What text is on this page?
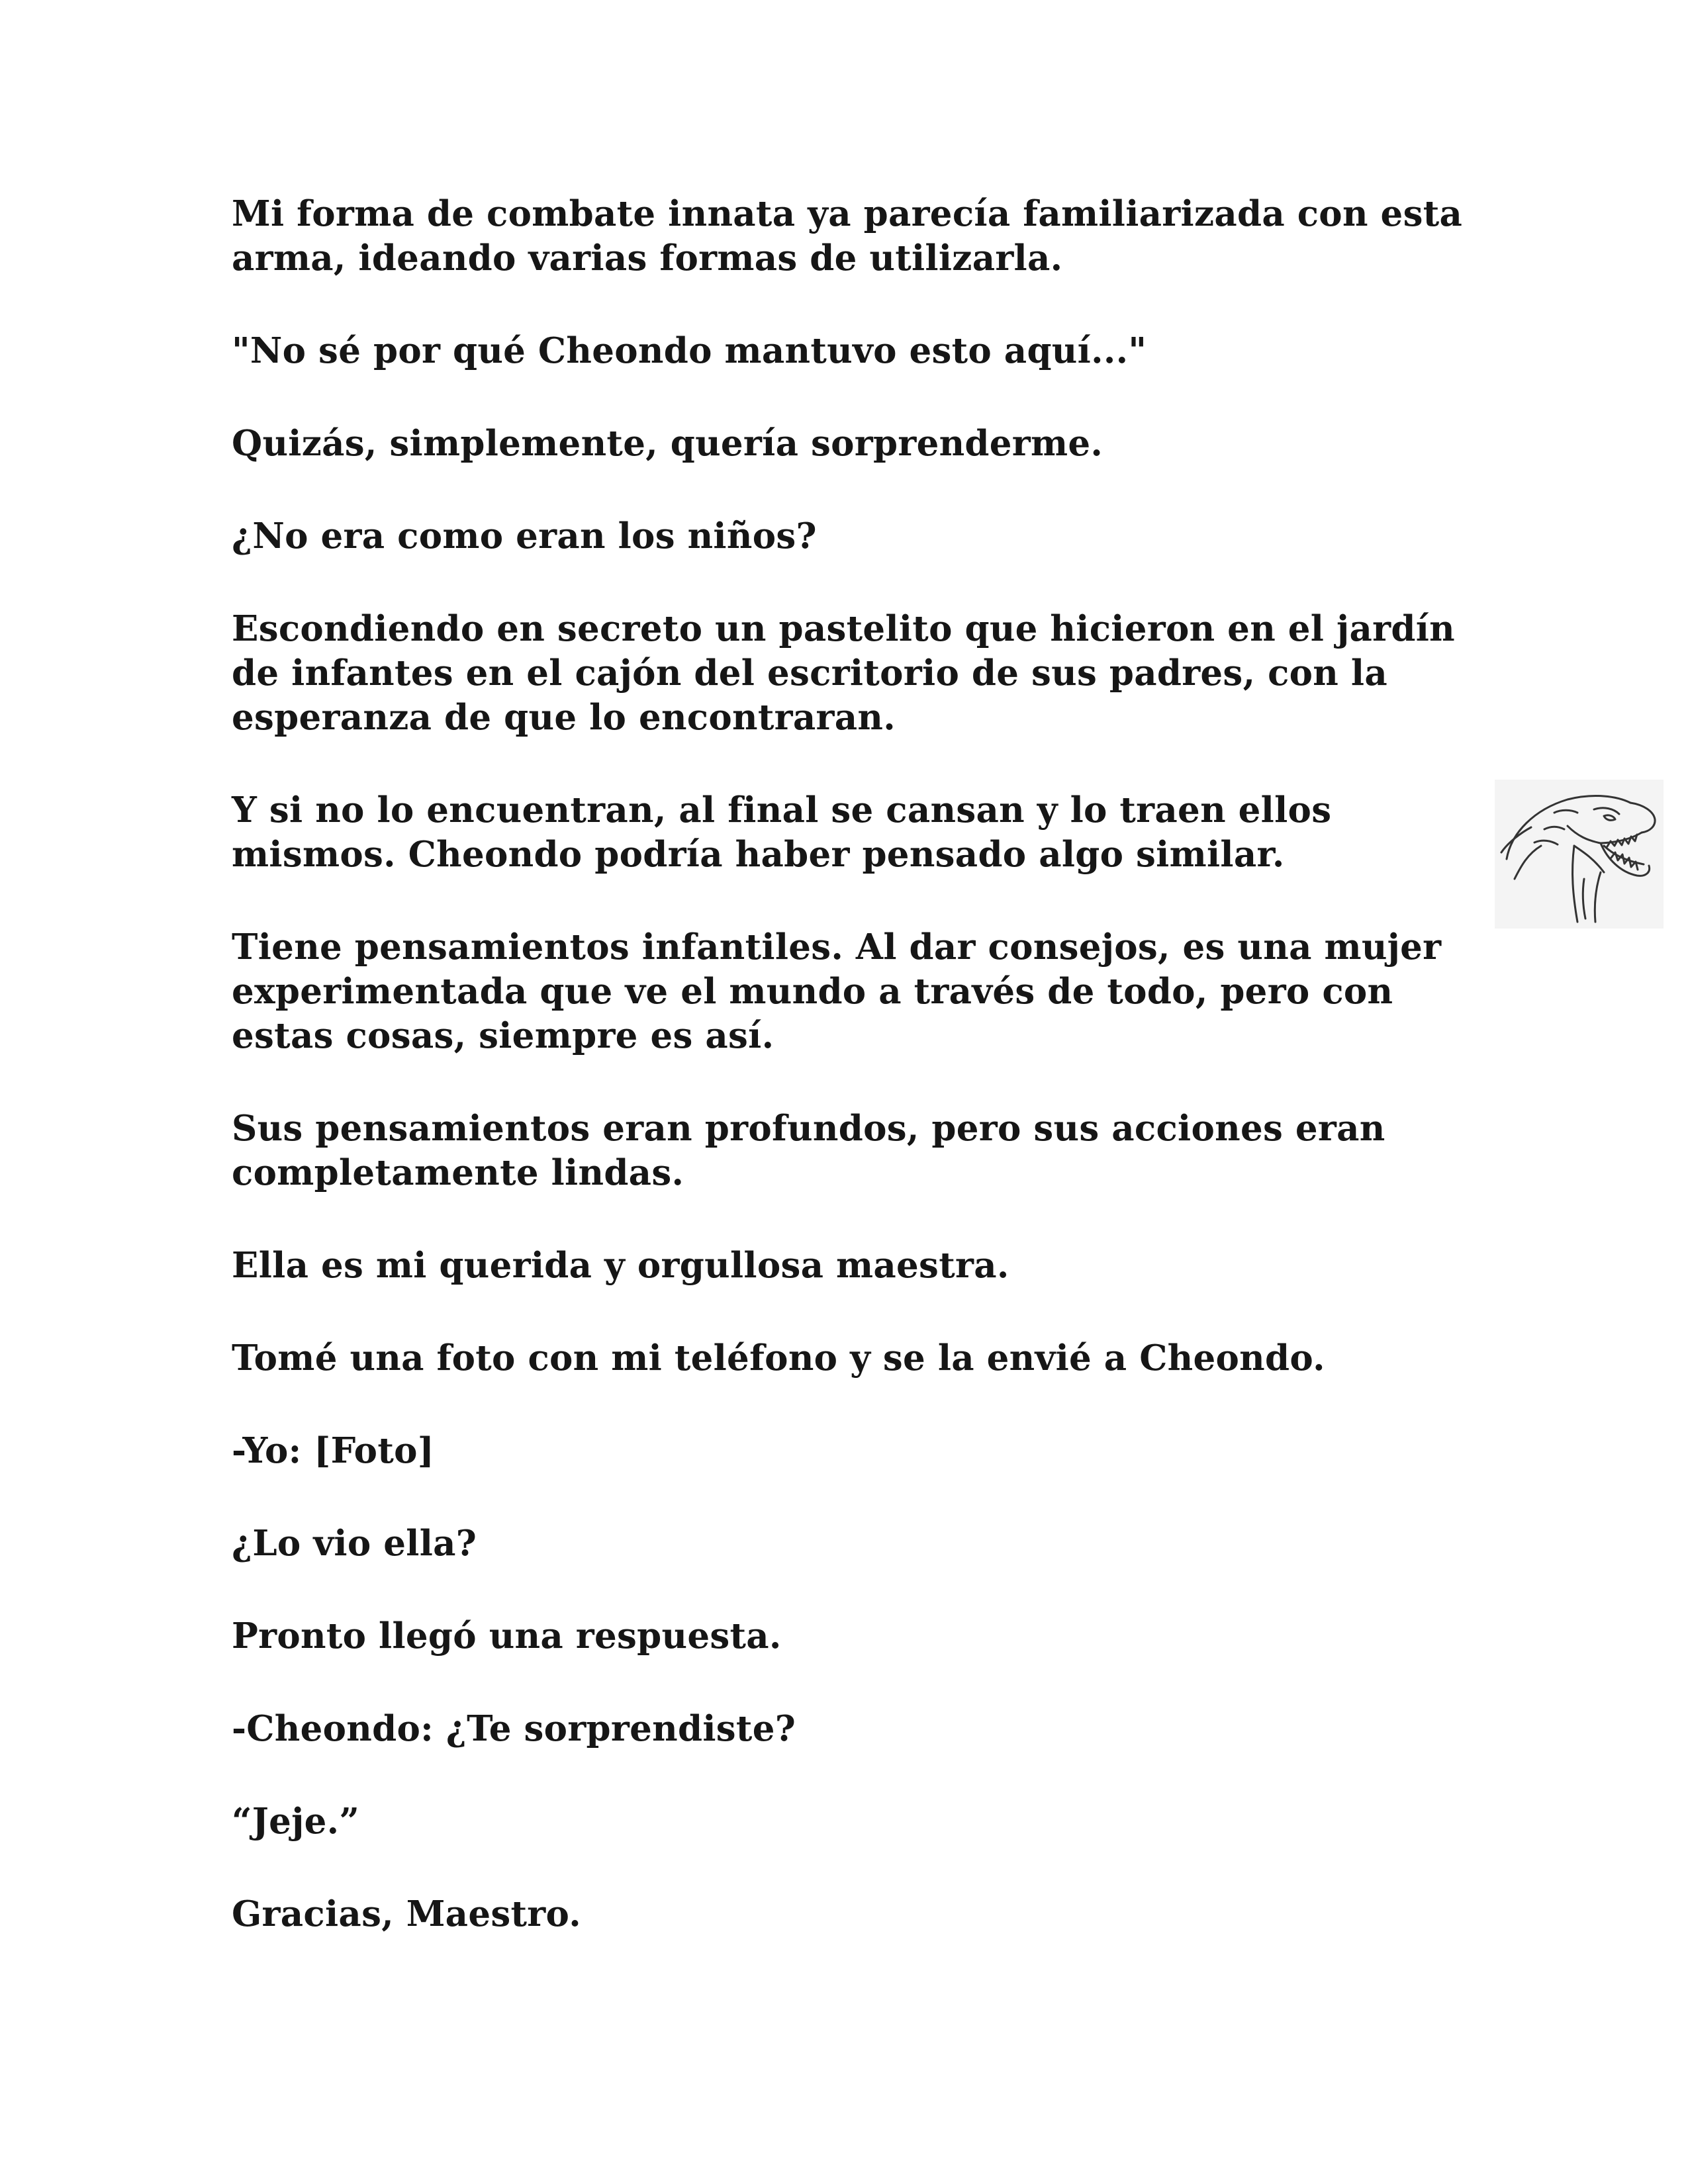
Mi forma de combate innata ya parecía familiarizada con esta
arma, ideando varias formas de utilizarla.

"No sé por qué Cheondo mantuvo esto aquí..."

Quizás, simplemente, quería sorprenderme.

¿No era como eran los niños?

Escondiendo en secreto un pastelito que hicieron en el jardín
de infantes en el cajón del escritorio de sus padres, con la
esperanza de que lo encontraran.

Y si no lo encuentran, al final se cansan y lo traen ellos
mismos. Cheondo podría haber pensado algo similar.

Tiene pensamientos infantiles. Al dar consejos, es una mujer
experimentada que ve el mundo a través de todo, pero con
estas cosas, siempre es así.

Sus pensamientos eran profundos, pero sus acciones eran
completamente lindas.

Ella es mi querida y orgullosa maestra.

Tomé una foto con mi teléfono y se la envié a Cheondo.

-Yo: [Foto]

¿Lo vio ella?

Pronto llegó una respuesta.

-Cheondo: ¿Te sorprendiste?

“Jeje.”

Gracias, Maestro.
